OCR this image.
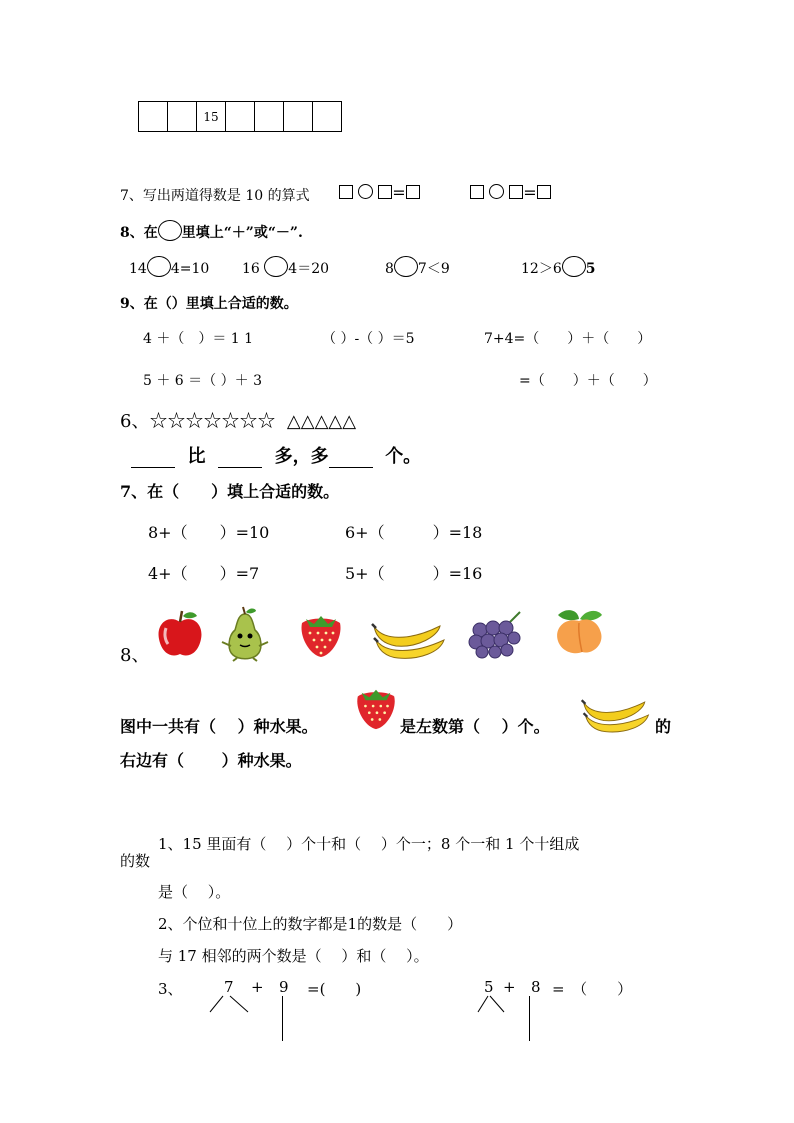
15
7、写出两道得数是 10 的算式	=	=
8、在 里填上“＋”或“－”.
14 4=10 16 4＝20	8 7＜9	12＞6 5
9、在（）里填上合适的数。
4 ＋（　）＝ 1 1	（ ）-（ ）＝5	7+4=（　　）＋（　　）
5 ＋ 6 ＝（ ）＋ 3	=（　　）＋（　　）
6、☆☆☆☆☆☆☆ △△△△△
比	多，多	个。
7、在（　　）填上合适的数。
8+（　　）=10	6+（　　　）=18
4+（　　）=7	5+（　　　）=16
8、
图中一共有（　 ）种水果。	是左数第（　 ）个。	的
右边有（　　 ）种水果。
1、15 里面有（　 ）个十和（　 ）个一；8 个一和 1 个十组成
的数
是（　 ）。
2、个位和十位上的数字都是1的数是（　　）
与 17 相邻的两个数是（　 ）和（　 ）。
3、	7 + 9 =(　　)	5 + 8 =　（　　）
